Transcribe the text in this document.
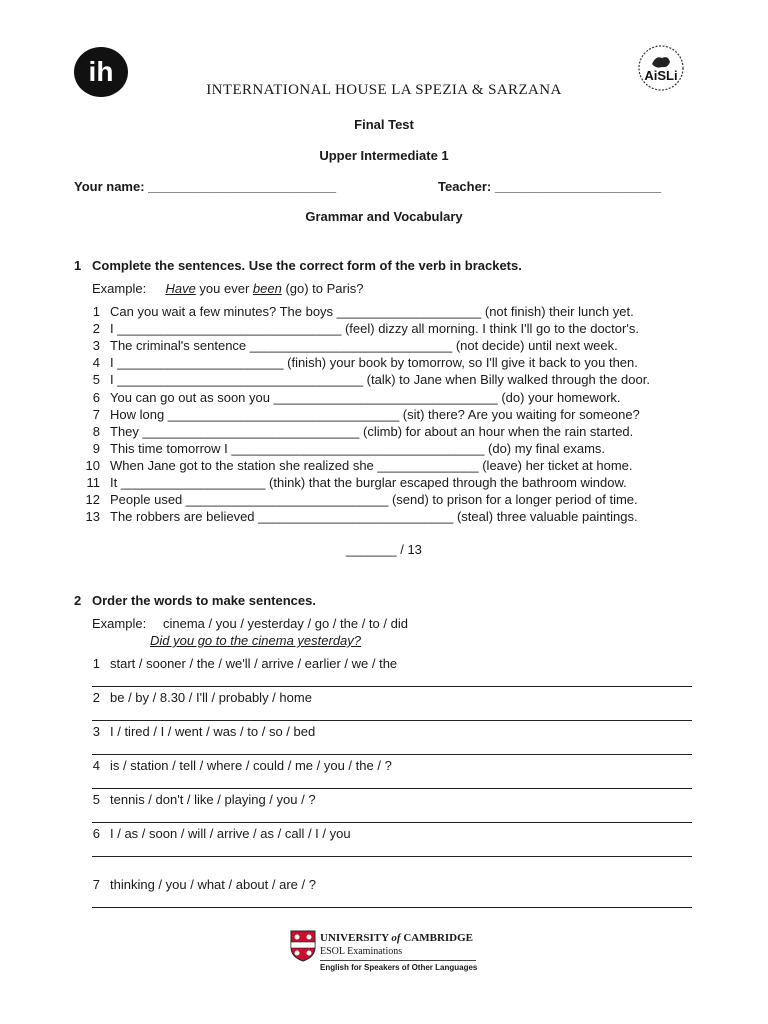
ih	AiSLi
INTERNATIONAL HOUSE LA SPEZIA & SARZANA
Final Test
Upper Intermediate 1
Your name: __________________________	Teacher: _______________________
Grammar and Vocabulary
1 Complete the sentences. Use the correct form of the verb in brackets.
Example: Have you ever been (go) to Paris?
1 Can you wait a few minutes? The boys ____________________ (not finish) their lunch yet.
2 I _______________________________ (feel) dizzy all morning. I think I'll go to the doctor's.
3 The criminal's sentence ____________________________ (not decide) until next week.
4 I _______________________ (finish) your book by tomorrow, so I'll give it back to you then.
5 I __________________________________ (talk) to Jane when Billy walked through the door.
6 You can go out as soon you _______________________________ (do) your homework.
7 How long ________________________________ (sit) there? Are you waiting for someone?
8 They ______________________________ (climb) for about an hour when the rain started.
9 This time tomorrow I ___________________________________ (do) my final exams.
10 When Jane got to the station she realized she ______________ (leave) her ticket at home.
11 It ____________________ (think) that the burglar escaped through the bathroom window.
12 People used ____________________________ (send) to prison for a longer period of time.
13 The robbers are believed ___________________________ (steal) three valuable paintings.
_______ / 13
2 Order the words to make sentences.
Example: cinema / you / yesterday / go / the / to / did
Did you go to the cinema yesterday?
1 start / sooner / the / we'll / arrive / earlier / we / the
2 be / by / 8.30 / I'll / probably / home
3 I / tired / I / went / was / to / so / bed
4 is / station / tell / where / could / me / you / the / ?
5 tennis / don't / like / playing / you / ?
6 I / as / soon / will / arrive / as / call / I / you
7 thinking / you / what / about / are / ?
UNIVERSITY of CAMBRIDGE
ESOL Examinations
English for Speakers of Other Languages
